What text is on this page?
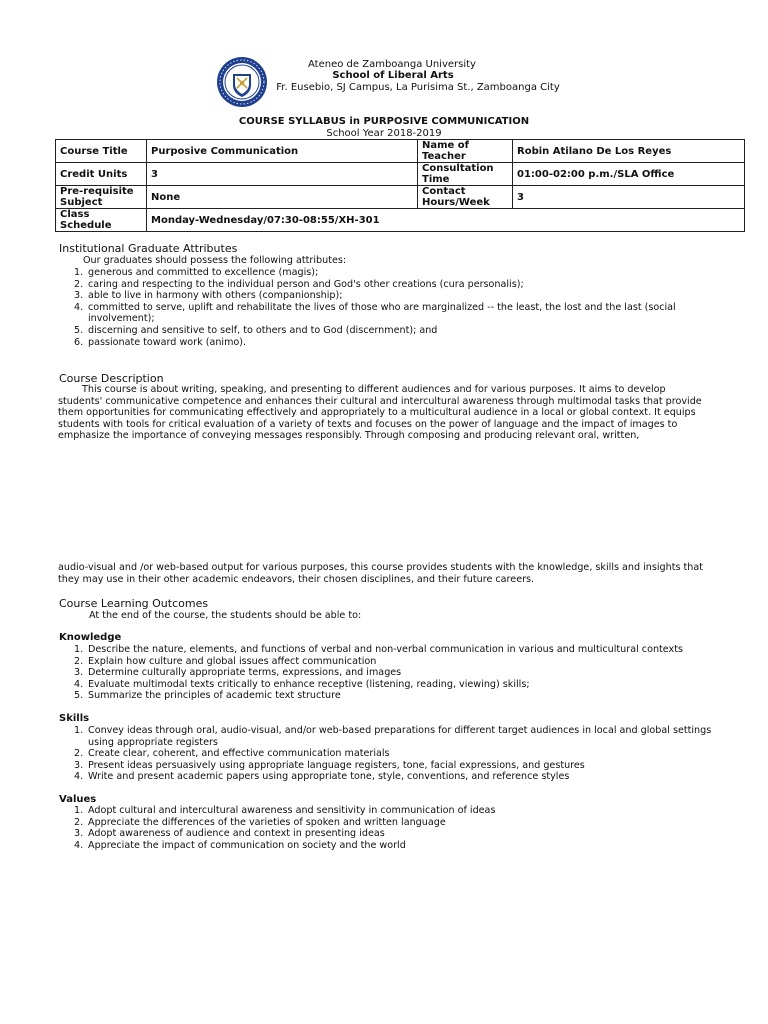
Ateneo de Zamboanga University
School of Liberal Arts
Fr. Eusebio, SJ Campus, La Purisima St., Zamboanga City
COURSE SYLLABUS in PURPOSIVE COMMUNICATION
School Year 2018-2019
Course Title	Purposive Communication	Name of Teacher	Robin Atilano De Los Reyes
Credit Units	3	Consultation Time	01:00-02:00 p.m./SLA Office
Pre-requisite Subject	None	Contact Hours/Week	3
Class Schedule	Monday-Wednesday/07:30-08:55/XH-301		
Institutional Graduate Attributes
Our graduates should possess the following attributes:
1. generous and committed to excellence (magis);
2. caring and respecting to the individual person and God's other creations (cura personalis);
3. able to live in harmony with others (companionship);
4. committed to serve, uplift and rehabilitate the lives of those who are marginalized -- the least, the lost and the last (social involvement);
5. discerning and sensitive to self, to others and to God (discernment); and
6. passionate toward work (animo).
Course Description
This course is about writing, speaking, and presenting to different audiences and for various purposes. It aims to develop students' communicative competence and enhances their cultural and intercultural awareness through multimodal tasks that provide them opportunities for communicating effectively and appropriately to a multicultural audience in a local or global context. It equips students with tools for critical evaluation of a variety of texts and focuses on the power of language and the impact of images to emphasize the importance of conveying messages responsibly. Through composing and producing relevant oral, written,
audio-visual and /or web-based output for various purposes, this course provides students with the knowledge, skills and insights that they may use in their other academic endeavors, their chosen disciplines, and their future careers.
Course Learning Outcomes
At the end of the course, the students should be able to:
Knowledge
1. Describe the nature, elements, and functions of verbal and non-verbal communication in various and multicultural contexts
2. Explain how culture and global issues affect communication
3. Determine culturally appropriate terms, expressions, and images
4. Evaluate multimodal texts critically to enhance receptive (listening, reading, viewing) skills;
5. Summarize the principles of academic text structure
Skills
1. Convey ideas through oral, audio-visual, and/or web-based preparations for different target audiences in local and global settings using appropriate registers
2. Create clear, coherent, and effective communication materials
3. Present ideas persuasively using appropriate language registers, tone, facial expressions, and gestures
4. Write and present academic papers using appropriate tone, style, conventions, and reference styles
Values
1. Adopt cultural and intercultural awareness and sensitivity in communication of ideas
2. Appreciate the differences of the varieties of spoken and written language
3. Adopt awareness of audience and context in presenting ideas
4. Appreciate the impact of communication on society and the world
